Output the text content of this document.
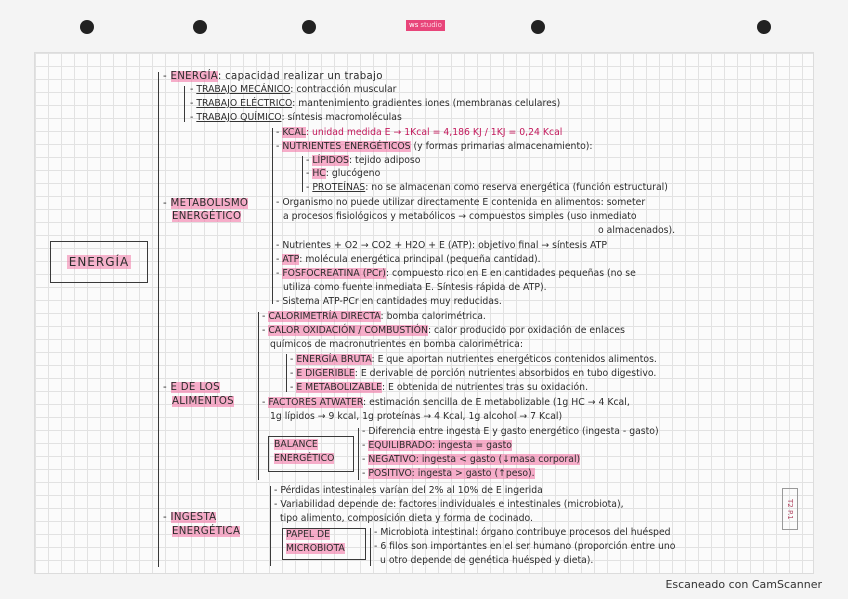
ws studio
ENERGÍA
- ENERGÍA: capacidad realizar un trabajo
- TRABAJO MECÁNICO: contracción muscular
- TRABAJO ELÉCTRICO: mantenimiento gradientes iones (membranas celulares)
- TRABAJO QUÍMICO: síntesis macromoléculas
- METABOLISMO
ENERGÉTICO
- KCAL: unidad medida E → 1Kcal = 4,186 KJ / 1KJ = 0,24 Kcal
- NUTRIENTES ENERGÉTICOS (y formas primarias almacenamiento):
- LÍPIDOS: tejido adiposo
- HC: glucógeno
- PROTEÍNAS: no se almacenan como reserva energética (función estructural)
- Organismo no puede utilizar directamente E contenida en alimentos: someter
a procesos fisiológicos y metabólicos → compuestos simples (uso inmediato
o almacenados).
- Nutrientes + O2 → CO2 + H2O + E (ATP): objetivo final → síntesis ATP
- ATP: molécula energética principal (pequeña cantidad).
- FOSFOCREATINA (PCr): compuesto rico en E en cantidades pequeñas (no se
utiliza como fuente inmediata E. Síntesis rápida de ATP).
- Sistema ATP-PCr en cantidades muy reducidas.
- E DE LOS
ALIMENTOS
- CALORIMETRÍA DIRECTA: bomba calorimétrica.
- CALOR OXIDACIÓN / COMBUSTIÓN: calor producido por oxidación de enlaces
químicos de macronutrientes en bomba calorimétrica:
- ENERGÍA BRUTA: E que aportan nutrientes energéticos contenidos alimentos.
- E DIGERIBLE: E derivable de porción nutrientes absorbidos en tubo digestivo.
- E METABOLIZABLE: E obtenida de nutrientes tras su oxidación.
- FACTORES ATWATER: estimación sencilla de E metabolizable (1g HC → 4 Kcal,
1g lípidos → 9 kcal, 1g proteínas → 4 Kcal, 1g alcohol → 7 Kcal)
BALANCE
ENERGÉTICO
- Diferencia entre ingesta E y gasto energético (ingesta - gasto)
- EQUILIBRADO: ingesta = gasto
- NEGATIVO: ingesta < gasto (↓masa corporal)
- POSITIVO: ingesta > gasto (↑peso).
- INGESTA
ENERGÉTICA
- Pérdidas intestinales varían del 2% al 10% de E ingerida
- Variabilidad depende de: factores individuales e intestinales (microbiota),
tipo alimento, composición dieta y forma de cocinado.
PAPEL DE
MICROBIOTA
- Microbiota intestinal: órgano contribuye procesos del huésped
- 6 filos son importantes en el ser humano (proporción entre uno
u otro depende de genética huésped y dieta).
T2 P.1
Escaneado con CamScanner
